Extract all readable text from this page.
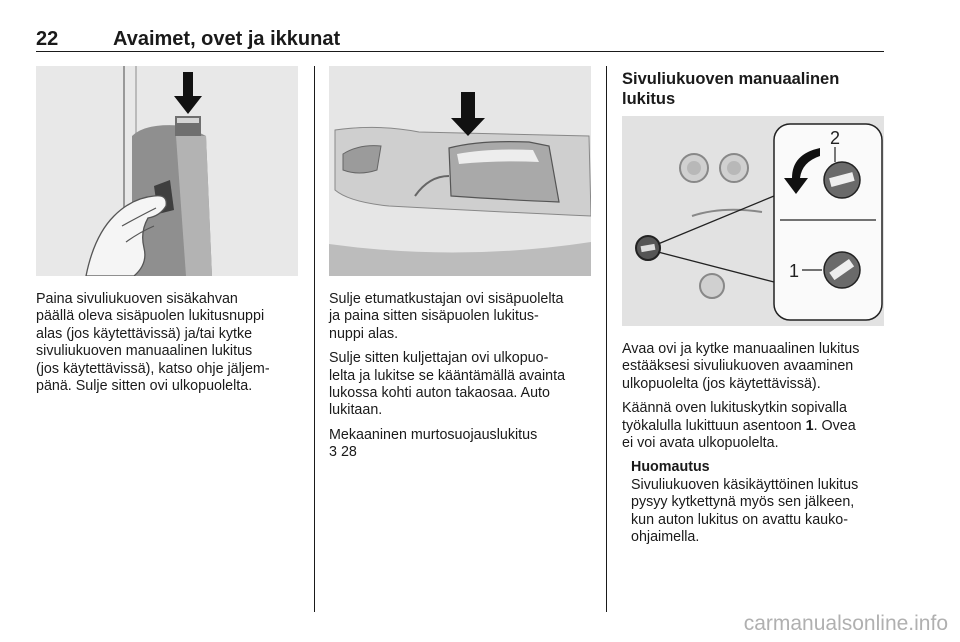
22	Avaimet, ovet ja ikkunat
Paina sivuliukuoven sisäkahvan
päällä oleva sisäpuolen lukitusnuppi
alas (jos käytettävissä) ja/tai kytke
sivuliukuoven manuaalinen lukitus
(jos käytettävissä), katso ohje jäljem-
pänä. Sulje sitten ovi ulkopuolelta.

Sulje etumatkustajan ovi sisäpuolelta
ja paina sitten sisäpuolen lukitus-
nuppi alas.

Sulje sitten kuljettajan ovi ulkopuo-
lelta ja lukitse se kääntämällä avainta
lukossa kohti auton takaosaa. Auto
lukitaan.

Mekaaninen murtosuojauslukitus
3 28

Sivuliukuoven manuaalinen
lukitus
2
1

Avaa ovi ja kytke manuaalinen lukitus
estääksesi sivuliukuoven avaaminen
ulkopuolelta (jos käytettävissä).

Käännä oven lukituskytkin sopivalla
työkalulla lukittuun asentoon 1. Ovea
ei voi avata ulkopuolelta.

Huomautus
Sivuliukuoven käsikäyttöinen lukitus
pysyy kytkettynä myös sen jälkeen,
kun auton lukitus on avattu kauko-
ohjaimella.
carmanualsonline.info
